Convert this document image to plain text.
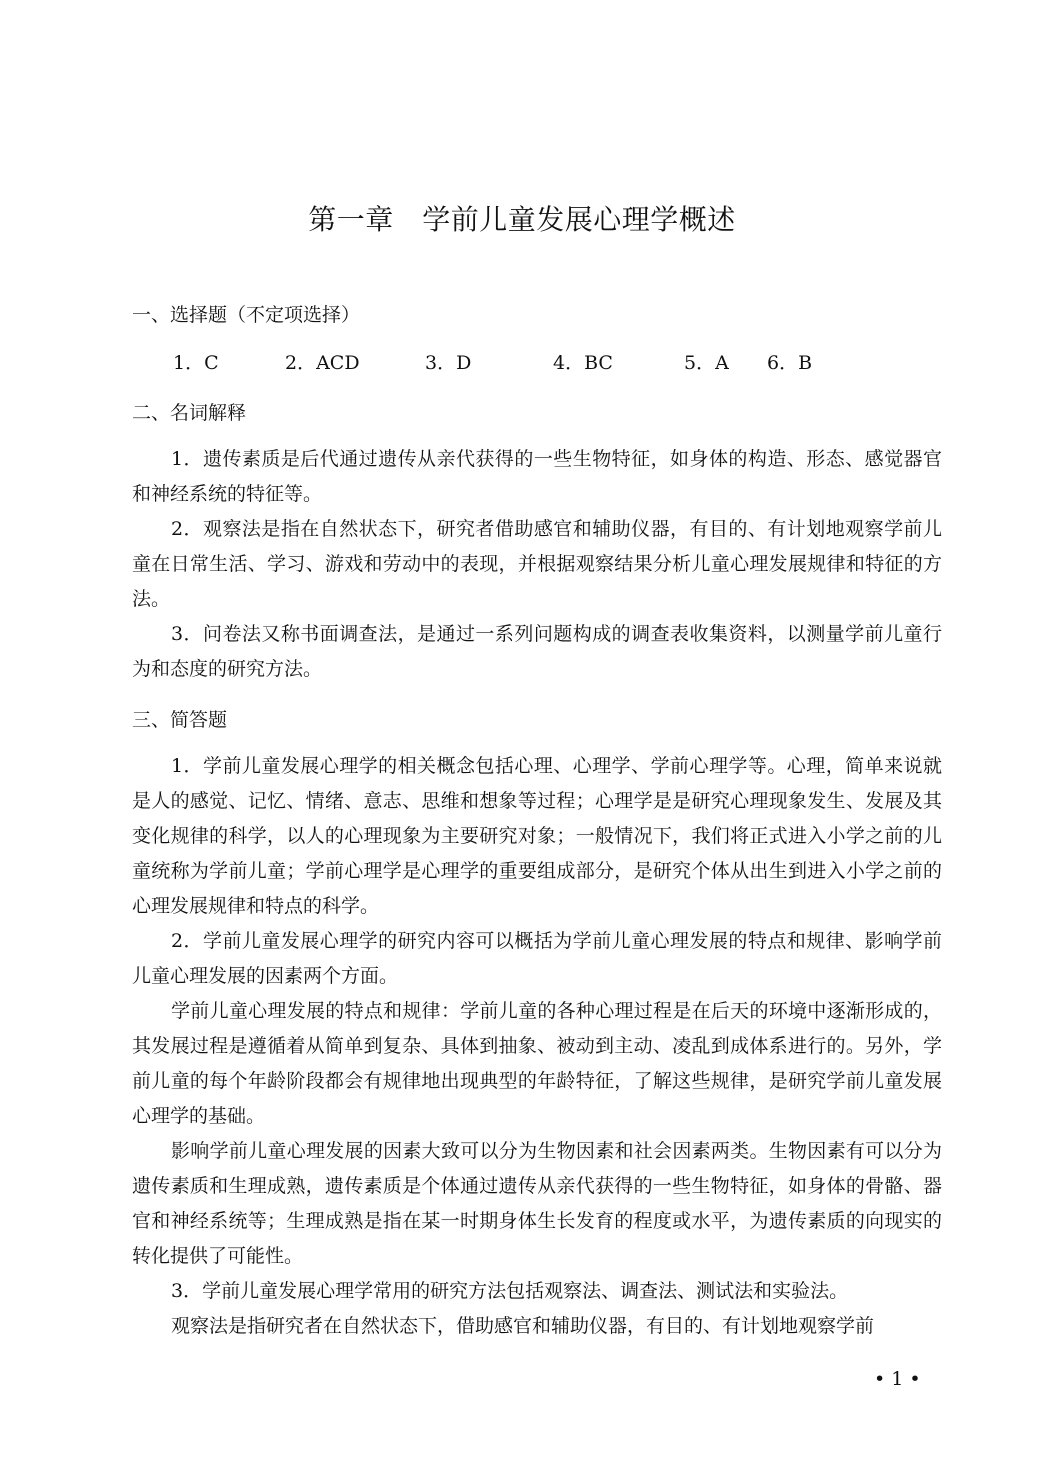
第一章　学前儿童发展心理学概述
一、选择题（不定项选择）
1．C	2．ACD	3．D	4．BC	5．A 6．B
二、名词解释

1．遗传素质是后代通过遗传从亲代获得的一些生物特征，如身体的构造、形态、感觉器官和神经系统的特征等。

2．观察法是指在自然状态下，研究者借助感官和辅助仪器，有目的、有计划地观察学前儿童在日常生活、学习、游戏和劳动中的表现，并根据观察结果分析儿童心理发展规律和特征的方法。

3．问卷法又称书面调查法，是通过一系列问题构成的调查表收集资料，以测量学前儿童行为和态度的研究方法。

三、简答题

1．学前儿童发展心理学的相关概念包括心理、心理学、学前心理学等。心理，简单来说就是人的感觉、记忆、情绪、意志、思维和想象等过程；心理学是是研究心理现象发生、发展及其变化规律的科学，以人的心理现象为主要研究对象；一般情况下，我们将正式进入小学之前的儿童统称为学前儿童；学前心理学是心理学的重要组成部分，是研究个体从出生到进入小学之前的心理发展规律和特点的科学。

2．学前儿童发展心理学的研究内容可以概括为学前儿童心理发展的特点和规律、影响学前儿童心理发展的因素两个方面。

学前儿童心理发展的特点和规律：学前儿童的各种心理过程是在后天的环境中逐渐形成的，其发展过程是遵循着从简单到复杂、具体到抽象、被动到主动、凌乱到成体系进行的。另外，学前儿童的每个年龄阶段都会有规律地出现典型的年龄特征，了解这些规律，是研究学前儿童发展心理学的基础。

影响学前儿童心理发展的因素大致可以分为生物因素和社会因素两类。生物因素有可以分为遗传素质和生理成熟，遗传素质是个体通过遗传从亲代获得的一些生物特征，如身体的骨骼、器官和神经系统等；生理成熟是指在某一时期身体生长发育的程度或水平，为遗传素质的向现实的转化提供了可能性。

3．学前儿童发展心理学常用的研究方法包括观察法、调查法、测试法和实验法。

观察法是指研究者在自然状态下，借助感官和辅助仪器，有目的、有计划地观察学前

• 1 •
